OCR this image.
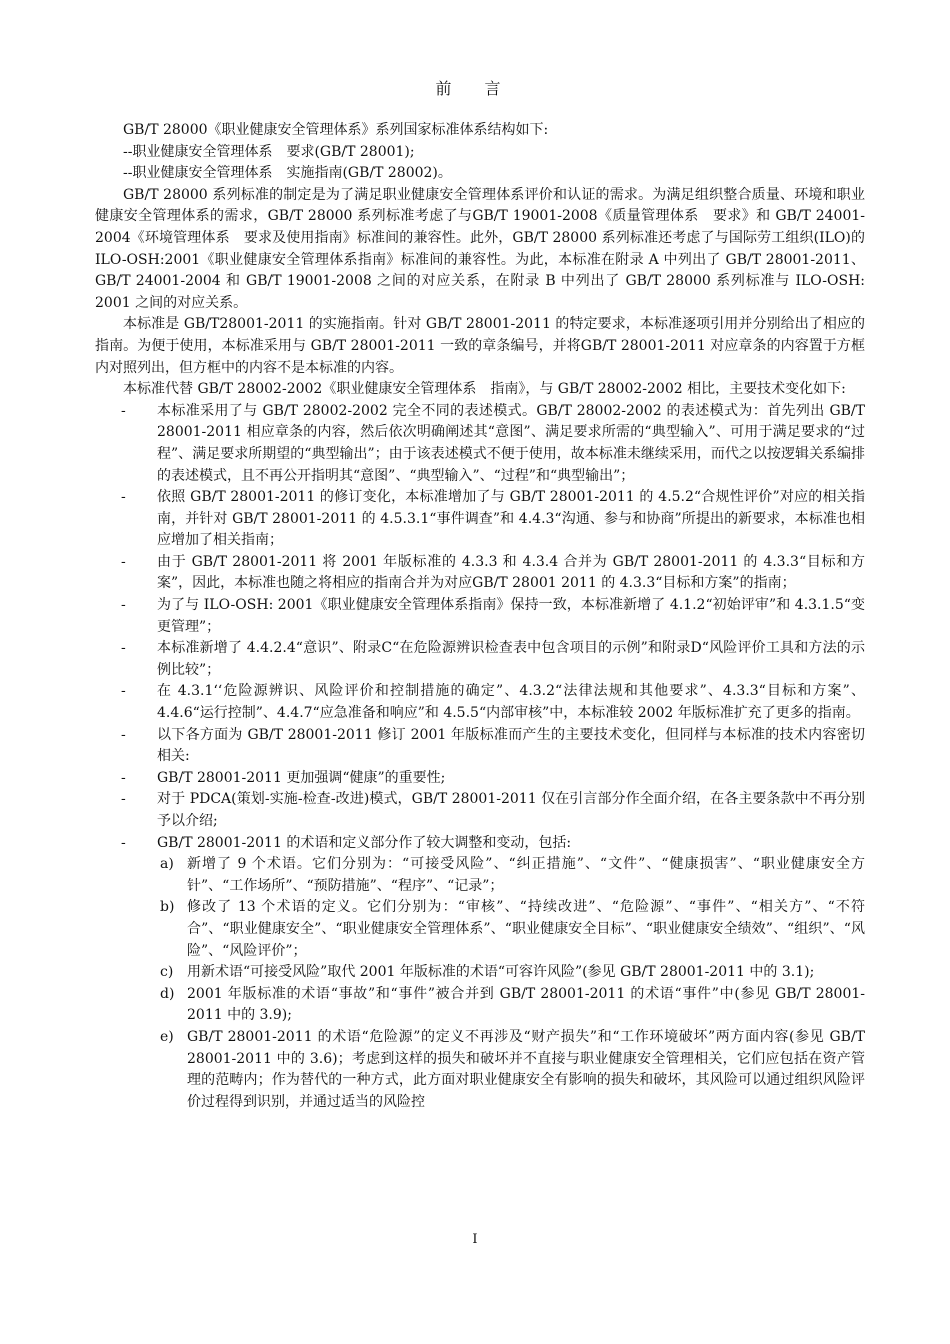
前 言

GB/T 28000《职业健康安全管理体系》系列国家标准体系结构如下:

--职业健康安全管理体系　要求(GB/T 28001);

--职业健康安全管理体系　实施指南(GB/T 28002)。

GB/T 28000 系列标准的制定是为了满足职业健康安全管理体系评价和认证的需求。为满足组织整合质量、环境和职业健康安全管理体系的需求，GB/T 28000 系列标准考虑了与GB/T 19001-2008《质量管理体系　要求》和 GB/T 24001-2004《环境管理体系　要求及使用指南》标准间的兼容性。此外，GB/T 28000 系列标准还考虑了与国际劳工组织(ILO)的 ILO-OSH:2001《职业健康安全管理体系指南》标准间的兼容性。为此，本标准在附录 A 中列出了 GB/T 28001-2011、GB/T 24001-2004 和 GB/T 19001-2008 之间的对应关系，在附录 B 中列出了 GB/T 28000 系列标准与 ILO-OSH: 2001 之间的对应关系。

本标准是 GB/T28001-2011 的实施指南。针对 GB/T 28001-2011 的特定要求，本标准逐项引用并分别给出了相应的指南。为便于使用，本标准采用与 GB/T 28001-2011 一致的章条编号，并将GB/T 28001-2011 对应章条的内容置于方框内对照列出，但方框中的内容不是本标准的内容。

本标准代替 GB/T 28002-2002《职业健康安全管理体系　指南》，与 GB/T 28002-2002 相比，主要技术变化如下:

- 本标准采用了与 GB/T 28002-2002 完全不同的表述模式。GB/T 28002-2002 的表述模式为：首先列出 GB/T 28001-2011 相应章条的内容，然后依次明确阐述其“意图”、满足要求所需的“典型输入”、可用于满足要求的“过程”、满足要求所期望的“典型输出”；由于该表述模式不便于使用，故本标准未继续采用，而代之以按逻辑关系编排的表述模式，且不再公开指明其“意图”、“典型输入”、“过程”和“典型输出”；
- 依照 GB/T 28001-2011 的修订变化，本标准增加了与 GB/T 28001-2011 的 4.5.2“合规性评价”对应的相关指南，并针对 GB/T 28001-2011 的 4.5.3.1“事件调查”和 4.4.3“沟通、参与和协商”所提出的新要求，本标准也相应增加了相关指南；
- 由于 GB/T 28001-2011 将 2001 年版标准的 4.3.3 和 4.3.4 合并为 GB/T 28001-2011 的 4.3.3“目标和方案”，因此，本标准也随之将相应的指南合并为对应GB/T 28001 2011 的 4.3.3“目标和方案”的指南；
- 为了与 ILO-OSH: 2001《职业健康安全管理体系指南》保持一致，本标准新增了 4.1.2“初始评审”和 4.3.1.5“变更管理”；
- 本标准新增了 4.4.2.4“意识”、附录C“在危险源辨识检查表中包含项目的示例”和附录D“风险评价工具和方法的示例比较”；
- 在 4.3.1‘‘危险源辨识、风险评价和控制措施的确定”、4.3.2“法律法规和其他要求”、4.3.3“目标和方案”、4.4.6“运行控制”、4.4.7“应急准备和响应”和 4.5.5“内部审核”中，本标准较 2002 年版标准扩充了更多的指南。
- 以下各方面为 GB/T 28001-2011 修订 2001 年版标准而产生的主要技术变化，但同样与本标准的技术内容密切相关:
- GB/T 28001-2011 更加强调“健康”的重要性;
- 对于 PDCA(策划-实施-检查-改进)模式，GB/T 28001-2011 仅在引言部分作全面介绍，在各主要条款中不再分别予以介绍;
- GB/T 28001-2011 的术语和定义部分作了较大调整和变动，包括:
a) 新增了 9 个术语。它们分别为：“可接受风险”、“纠正措施”、“文件”、“健康损害”、“职业健康安全方针”、“工作场所”、“预防措施”、“程序”、“记录”；
b) 修改了 13 个术语的定义。它们分别为：“审核”、“持续改进”、“危险源”、“事件”、“相关方”、“不符合”、“职业健康安全”、“职业健康安全管理体系”、“职业健康安全目标”、“职业健康安全绩效”、“组织”、“风险”、“风险评价”；
c) 用新术语“可接受风险”取代 2001 年版标准的术语“可容许风险”(参见 GB/T 28001-2011 中的 3.1);
d) 2001 年版标准的术语“事故”和“事件”被合并到 GB/T 28001-2011 的术语“事件”中(参见 GB/T 28001-2011 中的 3.9);
e) GB/T 28001-2011 的术语“危险源”的定义不再涉及“财产损失”和“工作环境破坏”两方面内容(参见 GB/T 28001-2011 中的 3.6)；考虑到这样的损失和破坏并不直接与职业健康安全管理相关，它们应包括在资产管理的范畴内；作为替代的一种方式，此方面对职业健康安全有影响的损失和破坏，其风险可以通过组织风险评价过程得到识别，并通过适当的风险控
I
